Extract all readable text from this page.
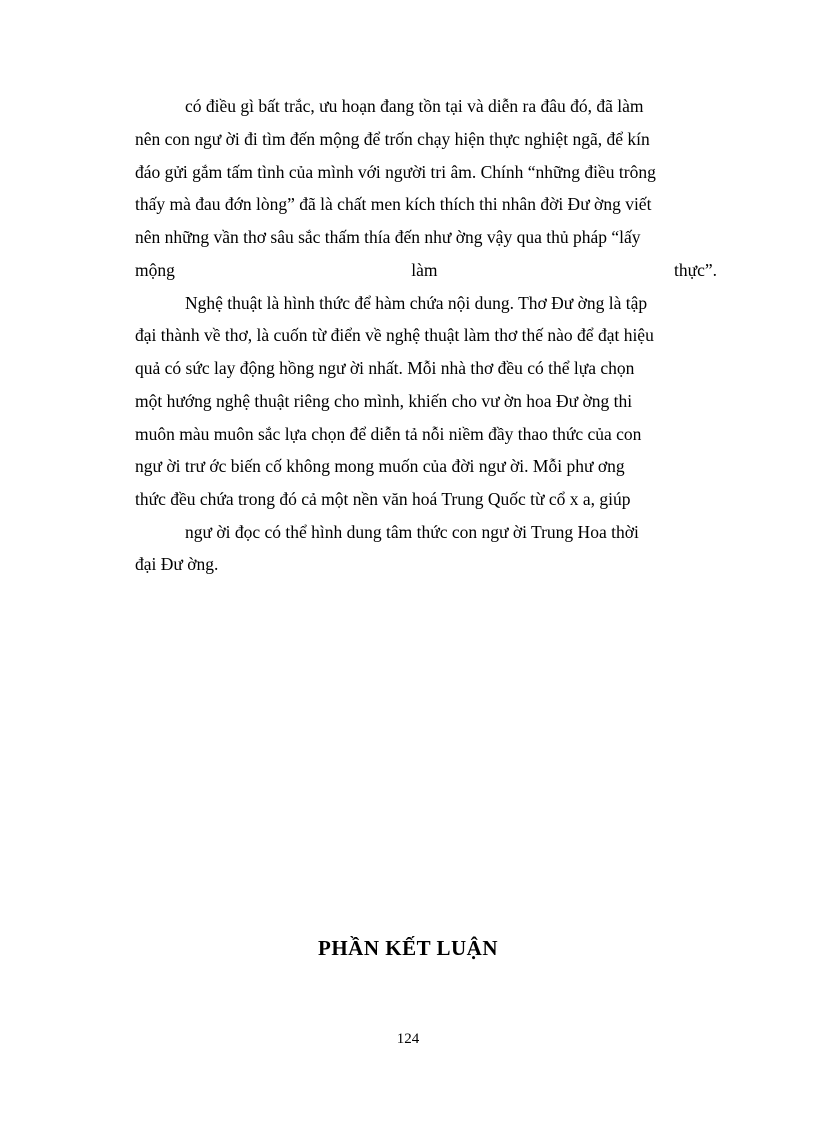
có điều gì bất trắc, ưu hoạn đang tồn tại và diễn ra đâu đó, đã làm
nên con ngư ời đi tìm đến mộng để trốn chạy hiện thực nghiệt ngã, để kín
đáo gửi gắm tấm tình của mình với người tri âm. Chính “những điều trông
thấy mà đau đớn lòng” đã là chất men kích thích thi nhân đời Đư ờng viết
nên những vần thơ sâu sắc thấm thía đến như ờng vậy qua thủ pháp “lấy
mộng	làm	thực”.
Nghệ thuật là hình thức để hàm chứa nội dung. Thơ Đư ờng là tập
đại thành về thơ, là cuốn từ điển về nghệ thuật làm thơ thế nào để đạt hiệu
quả có sức lay động hồng ngư ời nhất. Mỗi nhà thơ đều có thể lựa chọn
một hướng nghệ thuật riêng cho mình, khiến cho vư ờn hoa Đư ờng thi
muôn màu muôn sắc lựa chọn để diễn tả nỗi niềm đầy thao thức của con
ngư ời trư ớc biến cố không mong muốn của đời ngư ời. Mỗi phư ơng
thức đều chứa trong đó cả một nền văn hoá Trung Quốc từ cổ x a, giúp
ngư ời đọc có thể hình dung tâm thức con ngư ời Trung Hoa thời
đại Đư ờng.
PHẦN KẾT LUẬN
124
